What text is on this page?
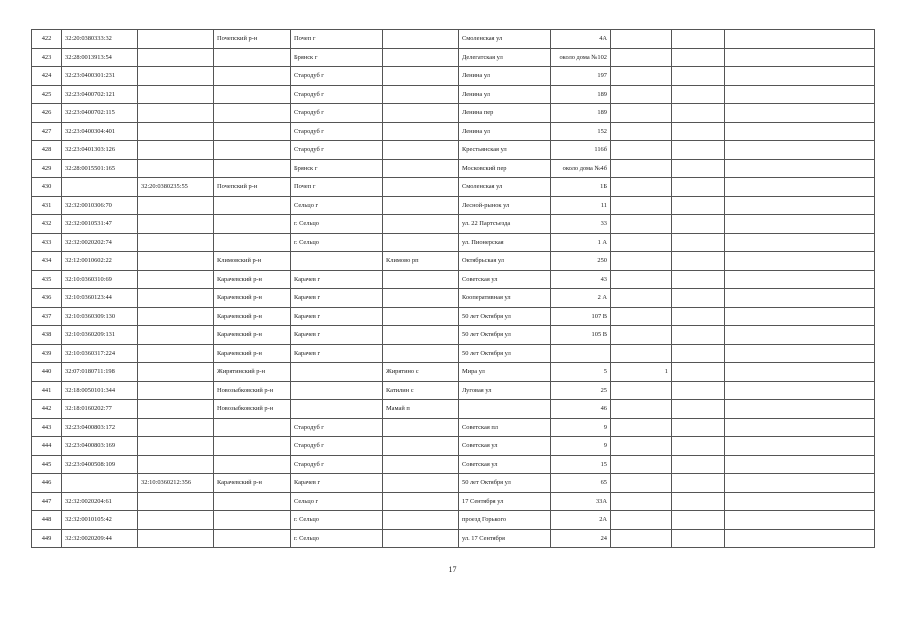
422	32:20:0380333:32		Почепский р-н	Почеп г		Смоленская ул	4А			
423	32:28:0013913:54			Брянск г		Делегатская ул	около дома №102			
424	32:23:0400301:231			Стародуб г		Ленина ул	197			
425	32:23:0400702:121			Стародуб г		Ленина ул	189			
426	32:23:0400702:115			Стародуб г		Ленина пер	189			
427	32:23:0400304:401			Стародуб г		Ленина ул	152			
428	32:23:0401303:126			Стародуб г		Крестьянская ул	116б			
429	32:28:0015501:165			Брянск г		Московский пер	около дома №4б			
430		32:20:0380235:55	Почепский р-н	Почеп г		Смоленская ул	1Б			
431	32:32:0010306:70			Сельцо г		Лесной-рынок ул	11			
432	32:32:0010531:47			г. Сельцо		ул. 22 Партсъезда	33			
433	32:32:0020202:74			г. Сельцо		ул. Пионерская	1 А			
434	32:12:0010602:22		Климовский р-н		Климово рп	Октябрьская ул	250			
435	32:10:0360310:69		Карачевский р-н	Карачев г		Советская ул	43			
436	32:10:0360123:44		Карачевский р-н	Карачев г		Кооперативная ул	2 А			
437	32:10:0360309:130		Карачевский р-н	Карачев г		50 лет Октября ул	107 В			
438	32:10:0360209:131		Карачевский р-н	Карачев г		50 лет Октября ул	105 В			
439	32:10:0360317:224		Карачевский р-н	Карачев г		50 лет Октября ул				
440	32:07:0180711:198		Жирятинский р-н		Жирятино с	Мира ул	5	1		
441	32:18:0050101:344		Новозыбковский р-н		Катилин с	Луговая ул	25			
442	32:18:0160202:77		Новозыбковский р-н		Мамай п		46			
443	32:23:0400803:172			Стародуб г		Советская пл	9			
444	32:23:0400803:169			Стародуб г		Советская ул	9			
445	32:23:0400508:109			Стародуб г		Советская ул	15			
446		32:10:0360212:356	Карачевский р-н	Карачев г		50 лет Октября ул	65			
447	32:32:0020204:61			Сельцо г		17 Сентября ул	33А			
448	32:32:0010105:42			г. Сельцо		проезд Горького	2А			
449	32:32:0020209:44			г. Сельцо		ул. 17 Сентября	24			
17
